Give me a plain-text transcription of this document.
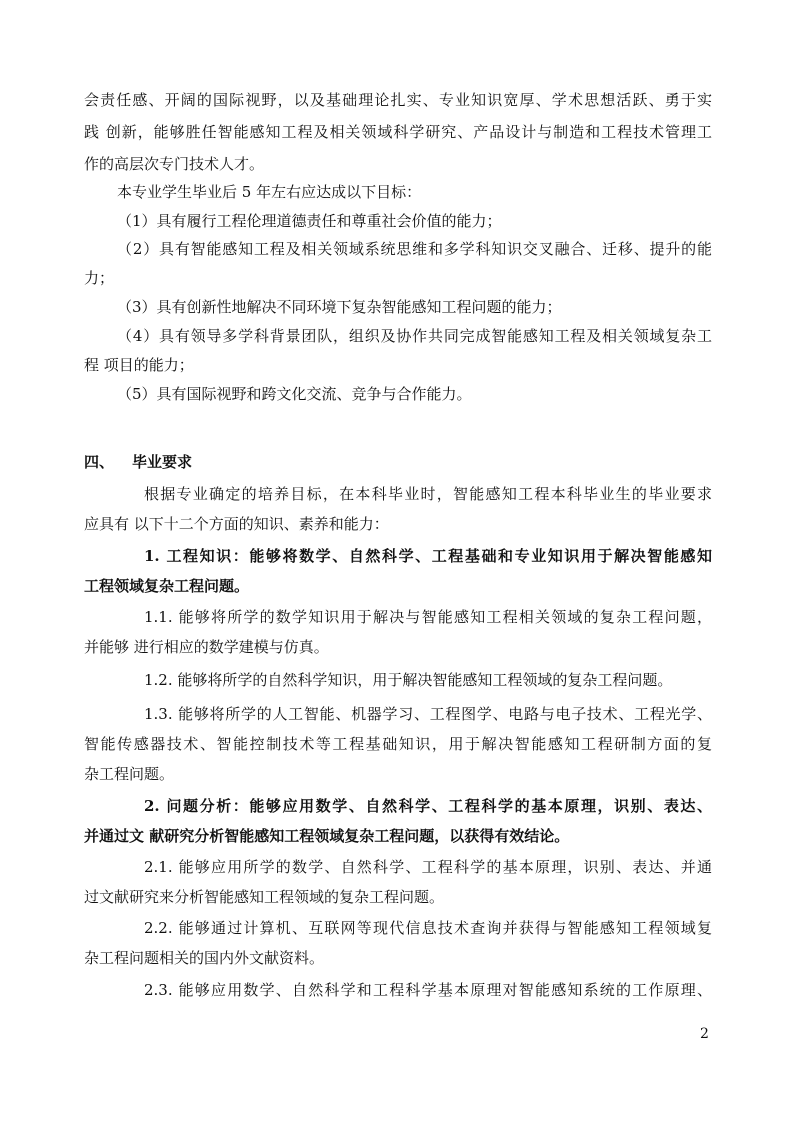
会责任感、开阔的国际视野，以及基础理论扎实、专业知识宽厚、学术思想活跃、勇于实
践 创新，能够胜任智能感知工程及相关领域科学研究、产品设计与制造和工程技术管理工
作的高层次专门技术人才。
本专业学生毕业后 5 年左右应达成以下目标：
（1）具有履行工程伦理道德责任和尊重社会价值的能力；
（2）具有智能感知工程及相关领域系统思维和多学科知识交叉融合、迁移、提升的能
力；
（3）具有创新性地解决不同环境下复杂智能感知工程问题的能力；
（4）具有领导多学科背景团队，组织及协作共同完成智能感知工程及相关领域复杂工
程 项目的能力；
（5）具有国际视野和跨文化交流、竞争与合作能力。
四、 毕业要求
根据专业确定的培养目标，在本科毕业时，智能感知工程本科毕业生的毕业要求
应具有 以下十二个方面的知识、素养和能力：
1. 工程知识：能够将数学、自然科学、工程基础和专业知识用于解决智能感知
工程领域复杂工程问题。
1.1. 能够将所学的数学知识用于解决与智能感知工程相关领域的复杂工程问题，
并能够 进行相应的数学建模与仿真。
1.2. 能够将所学的自然科学知识，用于解决智能感知工程领域的复杂工程问题。
1.3. 能够将所学的人工智能、机器学习、工程图学、电路与电子技术、工程光学、
智能传感器技术、智能控制技术等工程基础知识，用于解决智能感知工程研制方面的复
杂工程问题。
2. 问题分析：能够应用数学、自然科学、工程科学的基本原理，识别、表达、
并通过文 献研究分析智能感知工程领域复杂工程问题，以获得有效结论。
2.1. 能够应用所学的数学、自然科学、工程科学的基本原理，识别、表达、并通
过文献研究来分析智能感知工程领域的复杂工程问题。
2.2. 能够通过计算机、互联网等现代信息技术查询并获得与智能感知工程领域复
杂工程问题相关的国内外文献资料。
2.3. 能够应用数学、自然科学和工程科学基本原理对智能感知系统的工作原理、
2
